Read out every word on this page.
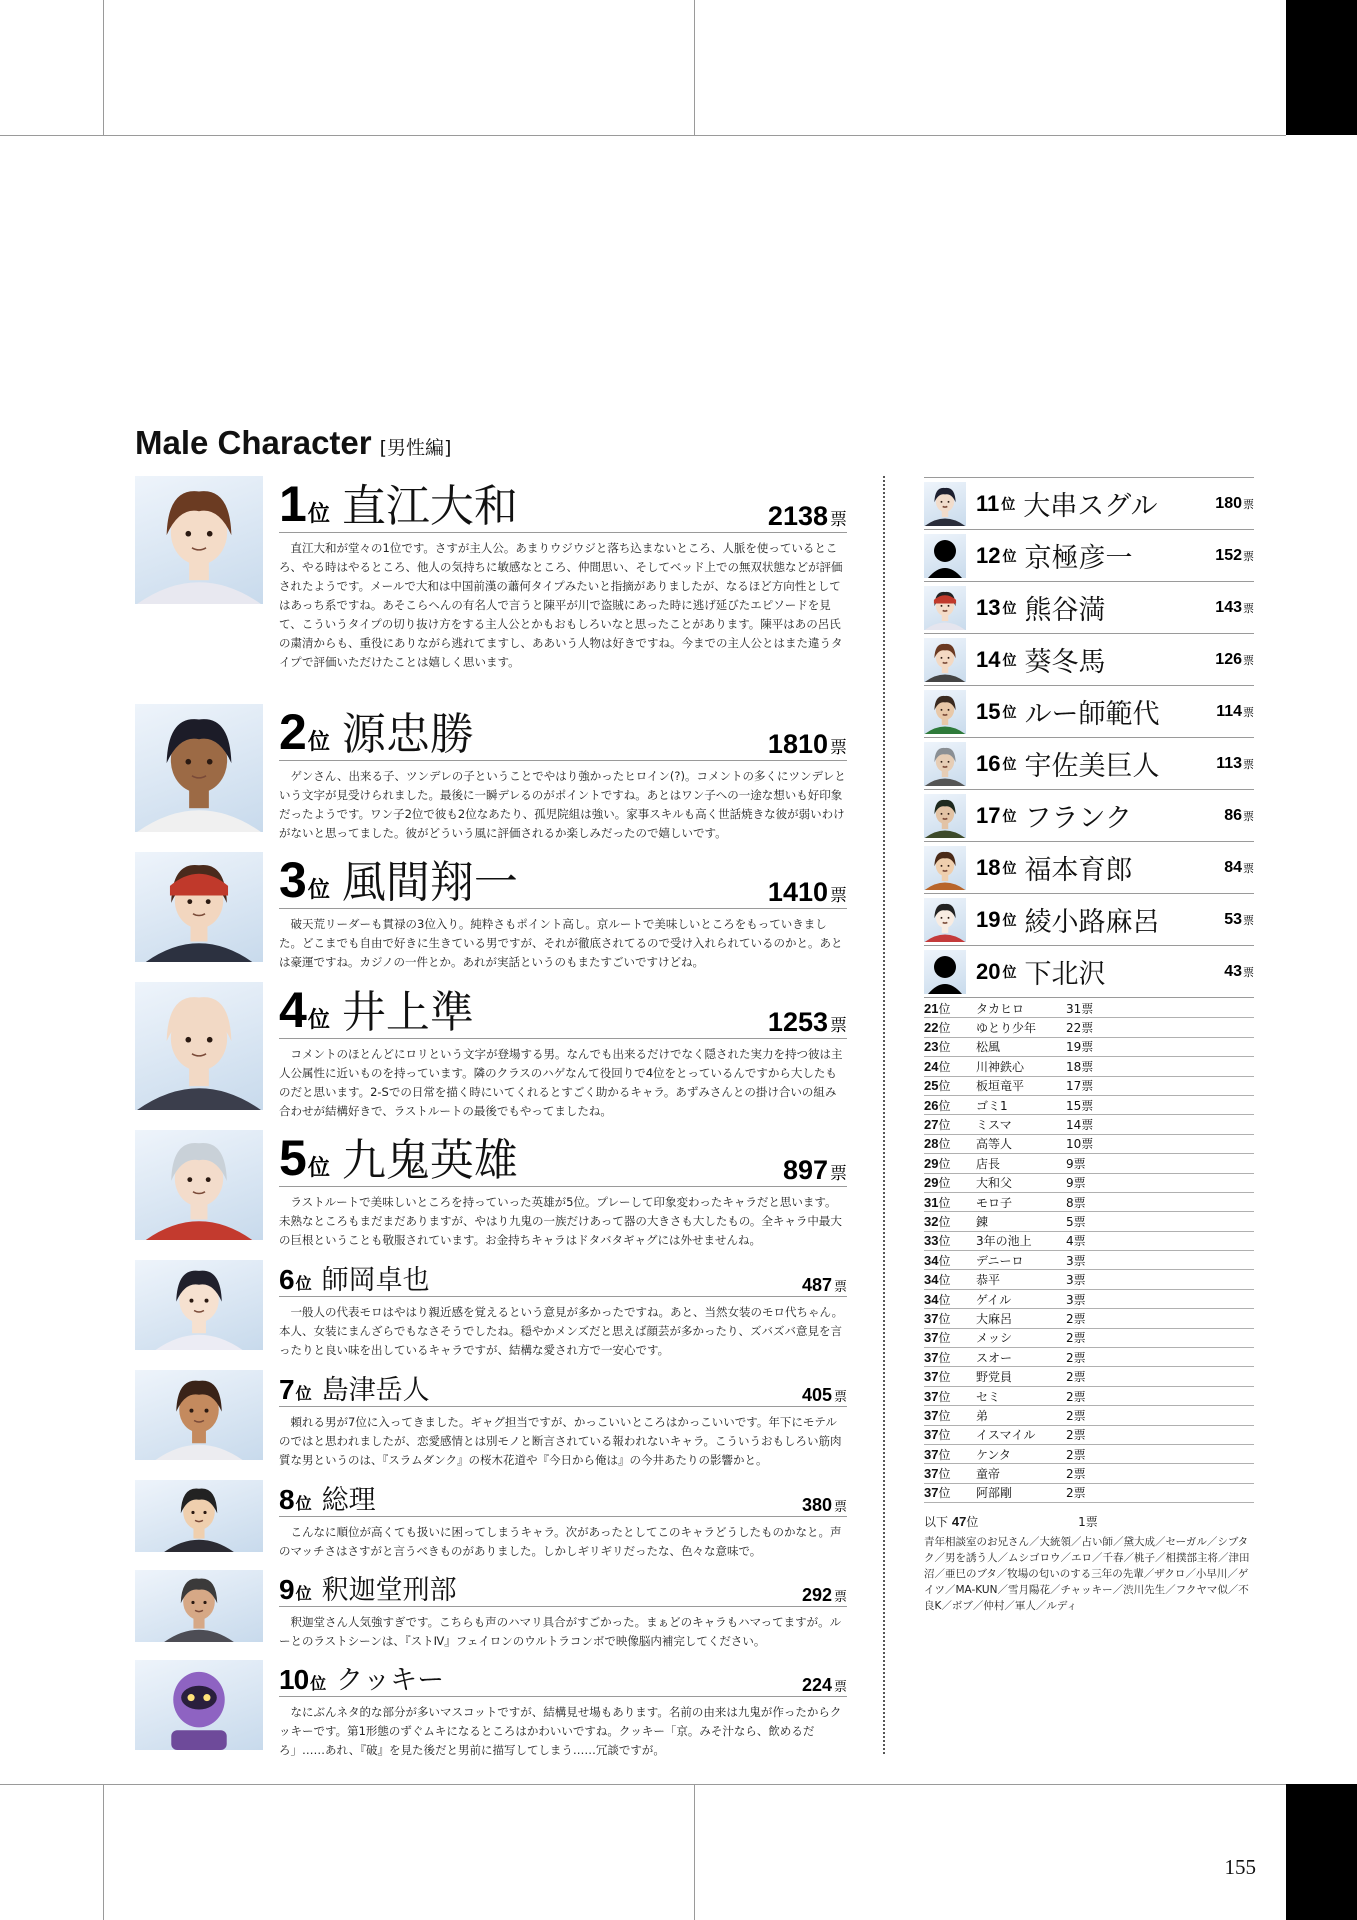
Male Character [男性編]
1 位 直江大和	2138 票

直江大和が堂々の1位です。さすが主人公。あまりウジウジと落ち込まないところ、人脈を使っているところ、やる時はやるところ、他人の気持ちに敏感なところ、仲間思い、そしてベッド上での無双状態などが評価されたようです。メールで大和は中国前漢の蕭何タイプみたいと指摘がありましたが、なるほど方向性としてはあっち系ですね。あそこらへんの有名人で言うと陳平が川で盗賊にあった時に逃げ延びたエピソードを見て、こういうタイプの切り抜け方をする主人公とかもおもしろいなと思ったことがあります。陳平はあの呂氏の粛清からも、重役にありながら逃れてますし、ああいう人物は好きですね。今までの主人公とはまた違うタイプで評価いただけたことは嬉しく思います。

2 位 源忠勝	1810 票

ゲンさん、出来る子、ツンデレの子ということでやはり強かったヒロイン(?)。コメントの多くにツンデレという文字が見受けられました。最後に一瞬デレるのがポイントですね。あとはワン子への一途な想いも好印象だったようです。ワン子2位で彼も2位なあたり、孤児院組は強い。家事スキルも高く世話焼きな彼が弱いわけがないと思ってました。彼がどういう風に評価されるか楽しみだったので嬉しいです。

3 位 風間翔一	1410 票

破天荒リーダーも貫禄の3位入り。純粋さもポイント高し。京ルートで美味しいところをもっていきました。どこまでも自由で好きに生きている男ですが、それが徹底されてるので受け入れられているのかと。あとは豪運ですね。カジノの一件とか。あれが実話というのもまたすごいですけどね。

4 位 井上準	1253 票

コメントのほとんどにロリという文字が登場する男。なんでも出来るだけでなく隠された実力を持つ彼は主人公属性に近いものを持っています。隣のクラスのハゲなんて役回りで4位をとっているんですから大したものだと思います。2-Sでの日常を描く時にいてくれるとすごく助かるキャラ。あずみさんとの掛け合いの組み合わせが結構好きで、ラストルートの最後でもやってましたね。

5 位 九鬼英雄	897 票

ラストルートで美味しいところを持っていった英雄が5位。プレーして印象変わったキャラだと思います。未熟なところもまだまだありますが、やはり九鬼の一族だけあって器の大きさも大したもの。全キャラ中最大の巨根ということも敬服されています。お金持ちキャラはドタバタギャグには外せませんね。

6 位 師岡卓也	487 票

一般人の代表モロはやはり親近感を覚えるという意見が多かったですね。あと、当然女装のモロ代ちゃん。本人、女装にまんざらでもなさそうでしたね。穏やかメンズだと思えば顔芸が多かったり、ズバズバ意見を言ったりと良い味を出しているキャラですが、結構な愛され方で一安心です。

7 位 島津岳人	405 票

頼れる男が7位に入ってきました。ギャグ担当ですが、かっこいいところはかっこいいです。年下にモテルのではと思われましたが、恋愛感情とは別モノと断言されている報われないキャラ。こういうおもしろい筋肉質な男というのは、『スラムダンク』の桜木花道や『今日から俺は』の今井あたりの影響かと。

8 位 総理	380 票

こんなに順位が高くても扱いに困ってしまうキャラ。次があったとしてこのキャラどうしたものかなと。声のマッチさはさすがと言うべきものがありました。しかしギリギリだったな、色々な意味で。

9 位 釈迦堂刑部	292 票

釈迦堂さん人気強すぎです。こちらも声のハマリ具合がすごかった。まぁどのキャラもハマってますが。ルーとのラストシーンは、『ストⅣ』フェイロンのウルトラコンボで映像脳内補完してください。

10 位 クッキー	224 票

なにぶんネタ的な部分が多いマスコットですが、結構見せ場もあります。名前の由来は九鬼が作ったからクッキーです。第1形態のずぐムキになるところはかわいいですね。クッキー「京。みそ汁なら、飲めるだろ」……あれ、『破』を見た後だと男前に描写してしまう……冗談ですが。

11 位 大串スグル	180 票
12 位 京極彦一	152 票
13 位 熊谷満	143 票
14 位 葵冬馬	126 票
15 位 ルー師範代	114 票
16 位 宇佐美巨人	113 票
17 位 フランク	86 票
18 位 福本育郎	84 票
19 位 綾小路麻呂	53 票
20 位 下北沢	43 票
21位	タカヒロ	31票
22位	ゆとり少年	22票
23位	松風	19票
24位	川神鉄心	18票
25位	板垣竜平	17票
26位	ゴミ1	15票
27位	ミスマ	14票
28位	高等人	10票
29位	店長	9票
29位	大和父	9票
31位	モロ子	8票
32位	錬	5票
33位	3年の池上	4票
34位	デニーロ	3票
34位	恭平	3票
34位	ゲイル	3票
37位	大麻呂	2票
37位	メッシ	2票
37位	スオー	2票
37位	野党員	2票
37位	セミ	2票
37位	弟	2票
37位	イスマイル	2票
37位	ケンタ	2票
37位	童帝	2票
37位	阿部剛	2票
以下 47位	1票
青年相談室のお兄さん／大統領／占い師／黛大成／セーガル／シブタク／男を誘う人／ムシゴロウ／エロ／千春／桃子／相撲部主将／津田沼／亜巳のブタ／牧場の匂いのする三年の先輩／ザクロ／小早川／ゲイツ／MA-KUN／雪月陽花／チャッキー／渋川先生／フクヤマ似／不良K／ボブ／仲村／軍人／ルディ
155
